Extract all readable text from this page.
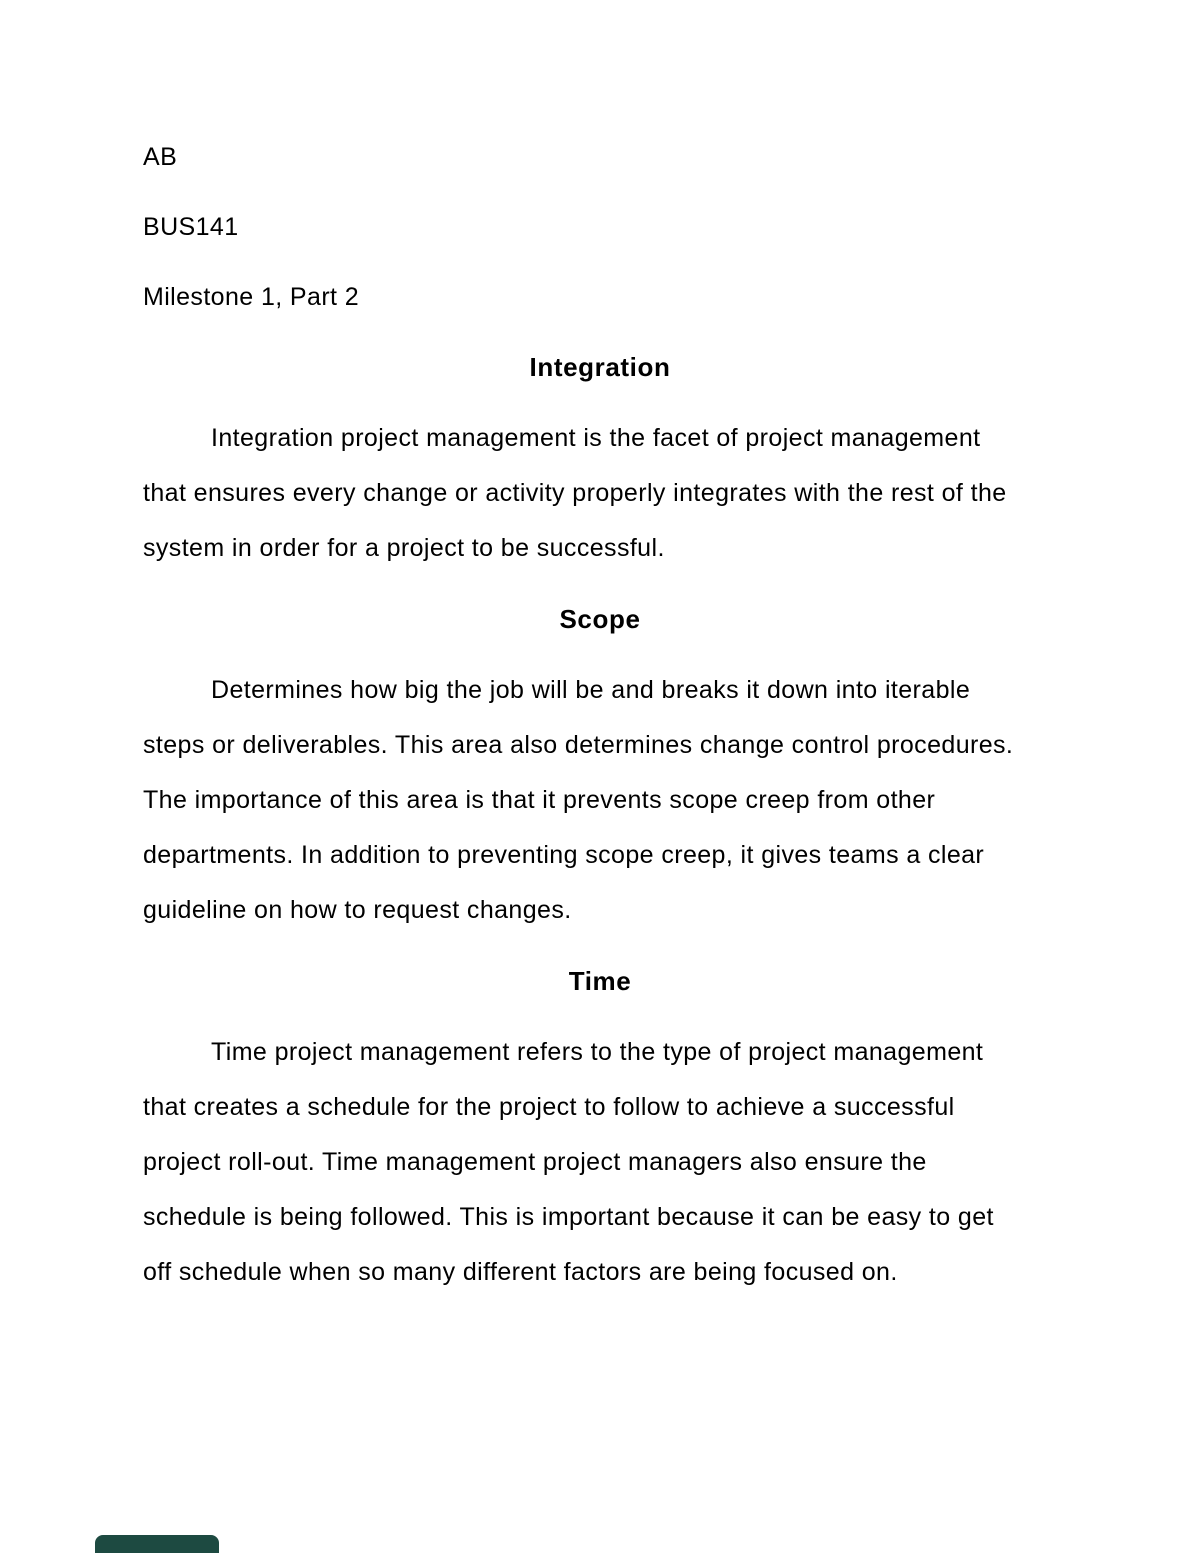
AB

BUS141

Milestone 1, Part 2

Integration
Integration project management is the facet of project management
that ensures every change or activity properly integrates with the rest of the
system in order for a project to be successful.
Scope
Determines how big the job will be and breaks it down into iterable
steps or deliverables. This area also determines change control procedures.
The importance of this area is that it prevents scope creep from other
departments. In addition to preventing scope creep, it gives teams a clear
guideline on how to request changes.
Time
Time project management refers to the type of project management
that creates a schedule for the project to follow to achieve a successful
project roll-out. Time management project managers also ensure the
schedule is being followed. This is important because it can be easy to get
off schedule when so many different factors are being focused on.
